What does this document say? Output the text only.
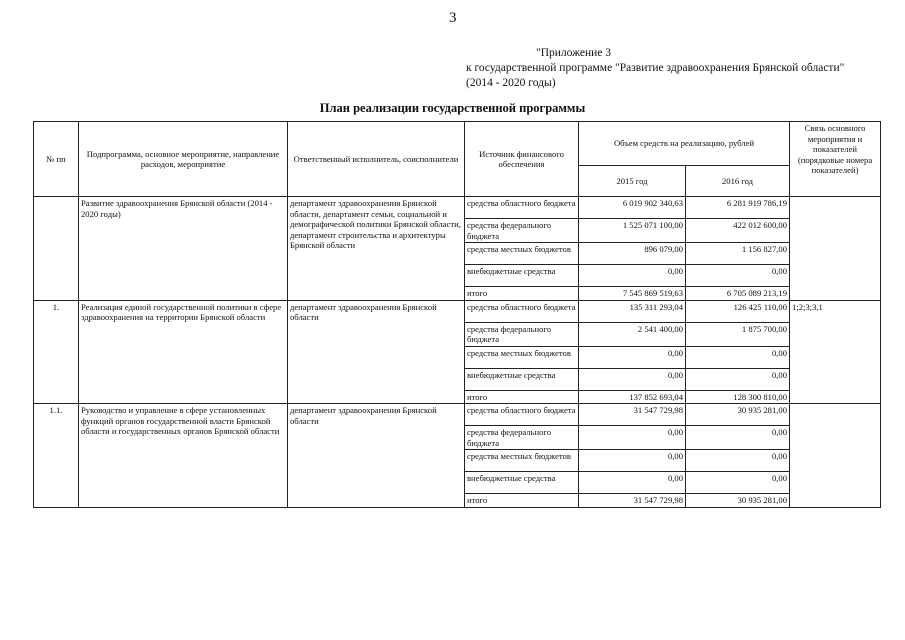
3
"Приложение 3
к государственной программе "Развитие здравоохранения Брянской области"
(2014 - 2020 годы)
План реализации государственной программы
№ пп	Подпрограмма, основное мероприятие, направление расходов, мероприятие	Ответственный исполнитель, соисполнители	Источник финансового обеспечения	Объем средств на реализацию, рублей		Связь основного мероприятия и показателей (порядковые номера показателей)
				2015 год	2016 год	
	Развитие здравоохранения Брянской области (2014 - 2020 годы)	департамент здравоохранения Брянской области, департамент семьи, социальной и демографической политики Брянской области, департамент строительства и архитектуры Брянской области	средства областного бюджета	6 019 902 340,63	6 281 919 786,19	
			средства федерального бюджета	1 525 071 100,00	422 012 600,00	
			средства местных бюджетов	896 079,00	1 156 827,00	
			внебюджетные средства	0,00	0,00	
			итого	7 545 869 519,63	6 705 089 213,19	
1.	Реализация единой государственной политики в сфере здравоохранения на территории Брянской области	департамент здравоохранения Брянской области	средства областного бюджета	135 311 293,04	126 425 110,00	1;2;3;3,1
			средства федерального бюджета	2 541 400,00	1 875 700,00	
			средства местных бюджетов	0,00	0,00	
			внебюджетные средства	0,00	0,00	
			итого	137 852 693,04	128 300 810,00	
1.1.	Руководство и управление в сфере установленных функций органов государственной власти Брянской области и государственных органов Брянской области	департамент здравоохранения Брянской области	средства областного бюджета	31 547 729,98	30 935 281,00	
			средства федерального бюджета	0,00	0,00	
			средства местных бюджетов	0,00	0,00	
			внебюджетные средства	0,00	0,00	
			итого	31 547 729,98	30 935 281,00	
